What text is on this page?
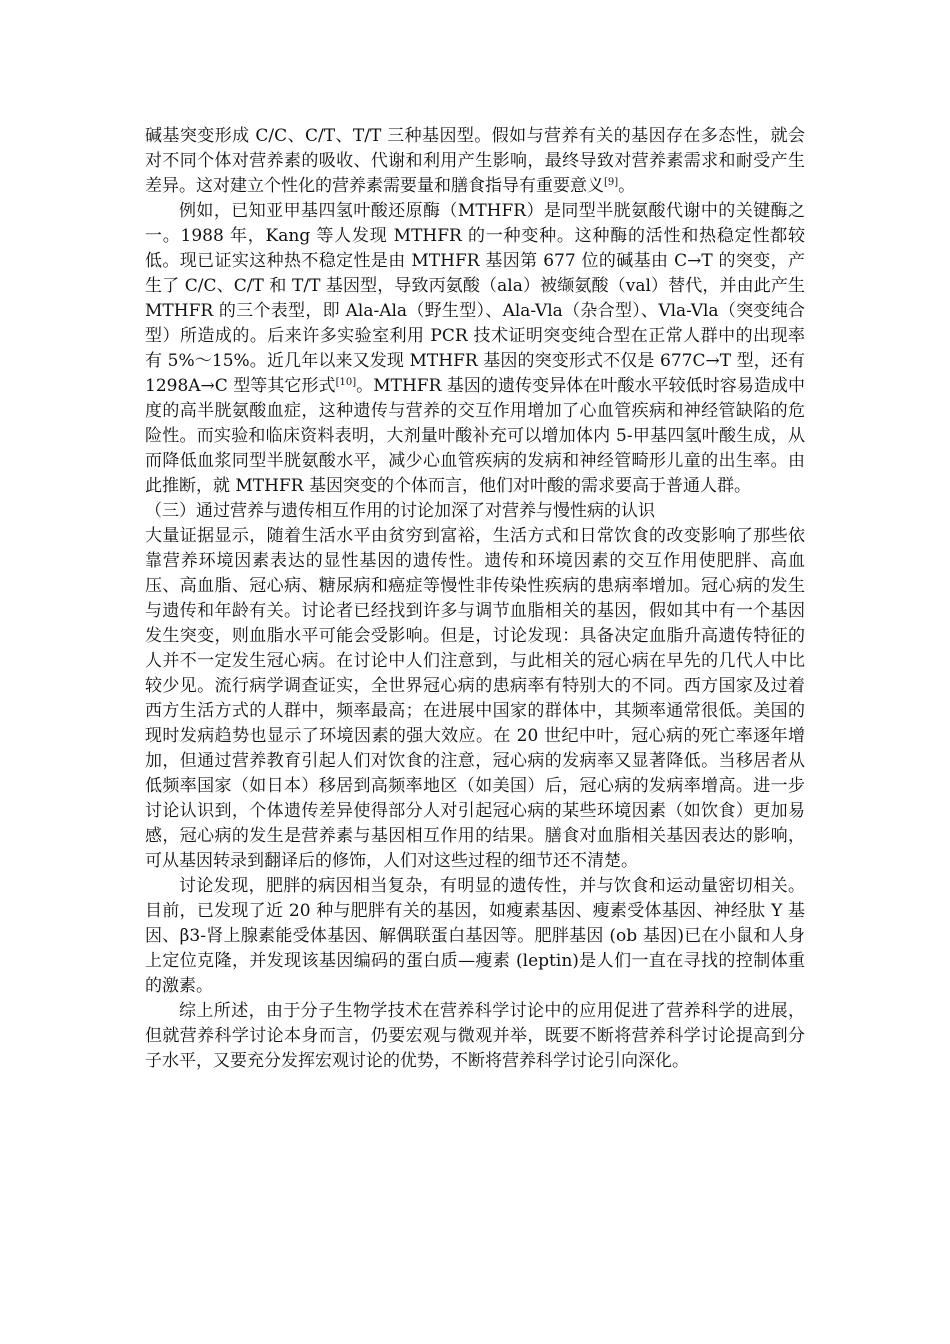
碱基突变形成 C/C、C/T、T/T 三种基因型。假如与营养有关的基因存在多态性，就会对不同个体对营养素的吸收、代谢和利用产生影响，最终导致对营养素需求和耐受产生差异。这对建立个性化的营养素需要量和膳食指导有重要意义[9]。

例如，已知亚甲基四氢叶酸还原酶（MTHFR）是同型半胱氨酸代谢中的关键酶之一。1988 年，Kang 等人发现 MTHFR 的一种变种。这种酶的活性和热稳定性都较低。现已证实这种热不稳定性是由 MTHFR 基因第 677 位的碱基由 C→T 的突变，产生了 C/C、C/T 和 T/T 基因型，导致丙氨酸（ala）被缬氨酸（val）替代，并由此产生 MTHFR 的三个表型，即 Ala-Ala（野生型）、Ala-Vla（杂合型）、Vla-Vla（突变纯合型）所造成的。后来许多实验室利用 PCR 技术证明突变纯合型在正常人群中的出现率有 5%～15%。近几年以来又发现 MTHFR 基因的突变形式不仅是 677C→T 型，还有 1298A→C 型等其它形式[10]。MTHFR 基因的遗传变异体在叶酸水平较低时容易造成中度的高半胱氨酸血症，这种遗传与营养的交互作用增加了心血管疾病和神经管缺陷的危险性。而实验和临床资料表明，大剂量叶酸补充可以增加体内 5-甲基四氢叶酸生成，从而降低血浆同型半胱氨酸水平，减少心血管疾病的发病和神经管畸形儿童的出生率。由此推断，就 MTHFR 基因突变的个体而言，他们对叶酸的需求要高于普通人群。

（三）通过营养与遗传相互作用的讨论加深了对营养与慢性病的认识

大量证据显示，随着生活水平由贫穷到富裕，生活方式和日常饮食的改变影响了那些依靠营养环境因素表达的显性基因的遗传性。遗传和环境因素的交互作用使肥胖、高血压、高血脂、冠心病、糖尿病和癌症等慢性非传染性疾病的患病率增加。冠心病的发生与遗传和年龄有关。讨论者已经找到许多与调节血脂相关的基因，假如其中有一个基因发生突变，则血脂水平可能会受影响。但是，讨论发现：具备决定血脂升高遗传特征的人并不一定发生冠心病。在讨论中人们注意到，与此相关的冠心病在早先的几代人中比较少见。流行病学调查证实，全世界冠心病的患病率有特别大的不同。西方国家及过着西方生活方式的人群中，频率最高；在进展中国家的群体中，其频率通常很低。美国的现时发病趋势也显示了环境因素的强大效应。在 20 世纪中叶，冠心病的死亡率逐年增加，但通过营养教育引起人们对饮食的注意，冠心病的发病率又显著降低。当移居者从低频率国家（如日本）移居到高频率地区（如美国）后，冠心病的发病率增高。进一步讨论认识到，个体遗传差异使得部分人对引起冠心病的某些环境因素（如饮食）更加易感，冠心病的发生是营养素与基因相互作用的结果。膳食对血脂相关基因表达的影响，可从基因转录到翻译后的修饰，人们对这些过程的细节还不清楚。

讨论发现，肥胖的病因相当复杂，有明显的遗传性，并与饮食和运动量密切相关。目前，已发现了近 20 种与肥胖有关的基因，如瘦素基因、瘦素受体基因、神经肽 Y 基因、β3-肾上腺素能受体基因、解偶联蛋白基因等。肥胖基因 (ob 基因)已在小鼠和人身上定位克隆，并发现该基因编码的蛋白质—瘦素 (leptin)是人们一直在寻找的控制体重的激素。

综上所述，由于分子生物学技术在营养科学讨论中的应用促进了营养科学的进展，但就营养科学讨论本身而言，仍要宏观与微观并举，既要不断将营养科学讨论提高到分子水平，又要充分发挥宏观讨论的优势，不断将营养科学讨论引向深化。
